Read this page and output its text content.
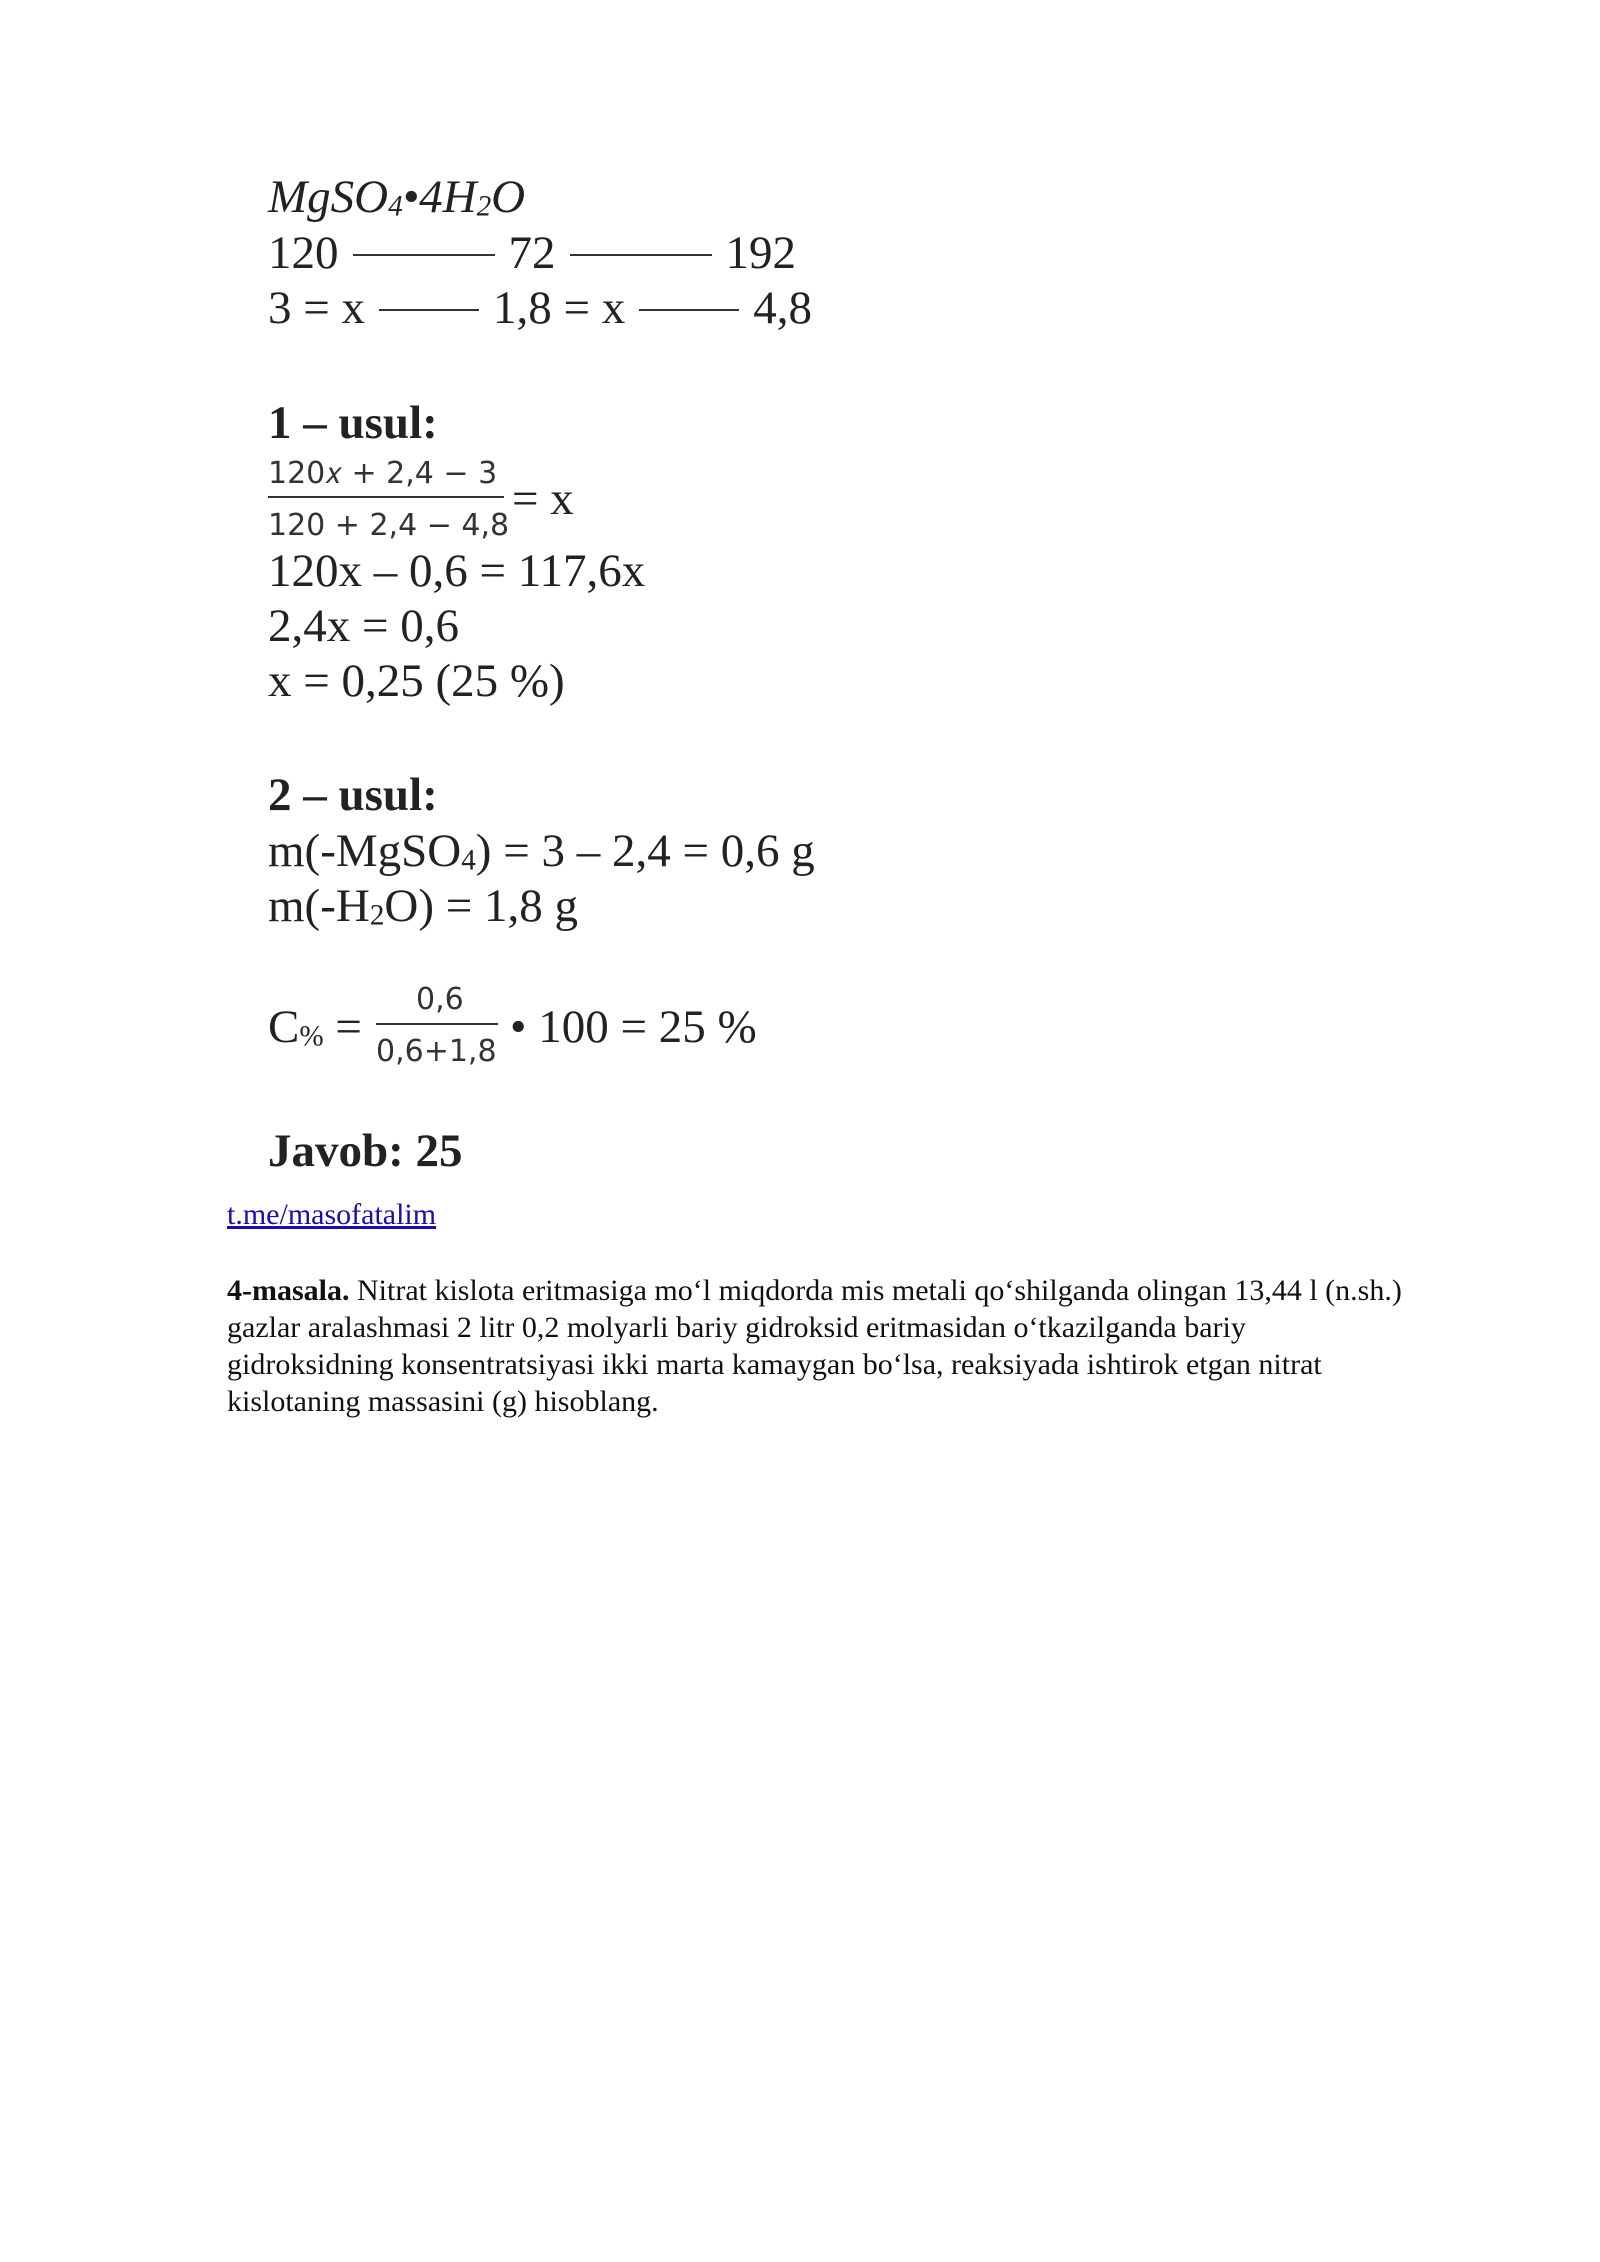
$MgSO_4•4H_2O$
120	72	192
3 = x	1,8 = x	4,8
1 – usul:
120𝑥 + 2,4 − 3
120 + 2,4 − 4,8
= x
120x – 0,6 = 117,6x
2,4x = 0,6
x = 0,25 (25 %)
2 – usul:
m(-MgSO$_4$) = 3 – 2,4 = 0,6 g
$m(-H_2O) = 1,8$ g
$C_{\%}$ =
0,6
0,6+1,8 • 100 = 25 %
Javob: 25
t.me/masofatalim
4-masala. Nitrat kislota eritmasiga mo‘l miqdorda mis metali qo‘shilganda olingan 13,44 l (n.sh.) gazlar aralashmasi 2 litr 0,2 molyarli bariy gidroksid eritmasidan o‘tkazilganda bariy gidroksidning konsentratsiyasi ikki marta kamaygan bo‘lsa, reaksiyada ishtirok etgan nitrat kislotaning massasini (g) hisoblang.
